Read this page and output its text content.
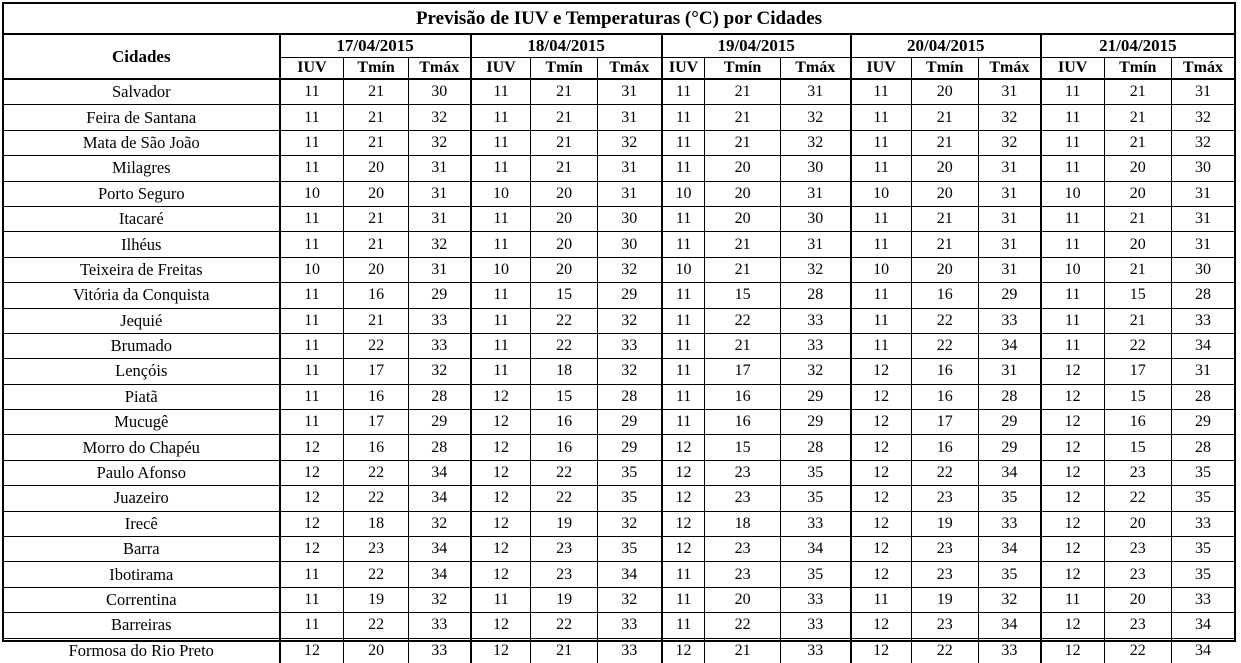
Previsão de IUV e Temperaturas (°C) por Cidades															
Cidades	17/04/2015			18/04/2015			19/04/2015			20/04/2015			21/04/2015		
	IUV	Tmín	Tmáx	IUV	Tmín	Tmáx	IUV	Tmín	Tmáx	IUV	Tmín	Tmáx	IUV	Tmín	Tmáx
Salvador	11	21	30	11	21	31	11	21	31	11	20	31	11	21	31
Feira de Santana	11	21	32	11	21	31	11	21	32	11	21	32	11	21	32
Mata de São João	11	21	32	11	21	32	11	21	32	11	21	32	11	21	32
Milagres	11	20	31	11	21	31	11	20	30	11	20	31	11	20	30
Porto Seguro	10	20	31	10	20	31	10	20	31	10	20	31	10	20	31
Itacaré	11	21	31	11	20	30	11	20	30	11	21	31	11	21	31
Ilhéus	11	21	32	11	20	30	11	21	31	11	21	31	11	20	31
Teixeira de Freitas	10	20	31	10	20	32	10	21	32	10	20	31	10	21	30
Vitória da Conquista	11	16	29	11	15	29	11	15	28	11	16	29	11	15	28
Jequié	11	21	33	11	22	32	11	22	33	11	22	33	11	21	33
Brumado	11	22	33	11	22	33	11	21	33	11	22	34	11	22	34
Lençóis	11	17	32	11	18	32	11	17	32	12	16	31	12	17	31
Piatã	11	16	28	12	15	28	11	16	29	12	16	28	12	15	28
Mucugê	11	17	29	12	16	29	11	16	29	12	17	29	12	16	29
Morro do Chapéu	12	16	28	12	16	29	12	15	28	12	16	29	12	15	28
Paulo Afonso	12	22	34	12	22	35	12	23	35	12	22	34	12	23	35
Juazeiro	12	22	34	12	22	35	12	23	35	12	23	35	12	22	35
Irecê	12	18	32	12	19	32	12	18	33	12	19	33	12	20	33
Barra	12	23	34	12	23	35	12	23	34	12	23	34	12	23	35
Ibotirama	11	22	34	12	23	34	11	23	35	12	23	35	12	23	35
Correntina	11	19	32	11	19	32	11	20	33	11	19	32	11	20	33
Barreiras	11	22	33	12	22	33	11	22	33	12	23	34	12	23	34
Formosa do Rio Preto	12	20	33	12	21	33	12	21	33	12	22	33	12	22	34
